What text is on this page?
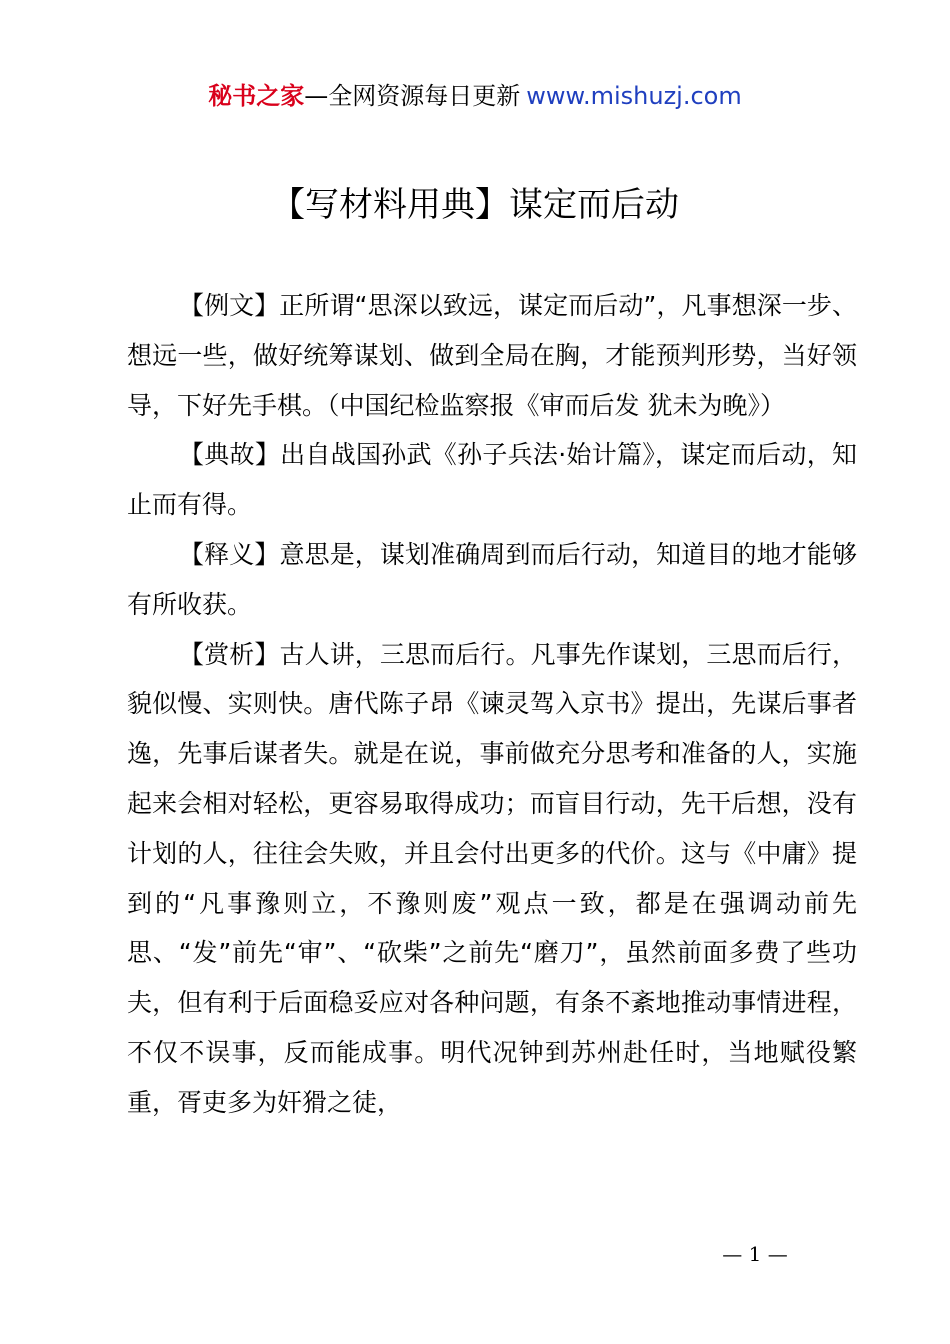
秘书之家—全网资源每日更新 www.mishuzj.com
【写材料用典】谋定而后动

【例文】正所谓“思深以致远，谋定而后动”，凡事想深一步、想远一些，做好统筹谋划、做到全局在胸，才能预判形势，当好领导，下好先手棋。（中国纪检监察报《审而后发 犹未为晚》）

【典故】出自战国孙武《孙子兵法·始计篇》，谋定而后动，知止而有得。

【释义】意思是，谋划准确周到而后行动，知道目的地才能够有所收获。

【赏析】古人讲，三思而后行。凡事先作谋划，三思而后行，貌似慢、实则快。唐代陈子昂《谏灵驾入京书》提出，先谋后事者逸，先事后谋者失。就是在说，事前做充分思考和准备的人，实施起来会相对轻松，更容易取得成功；而盲目行动，先干后想，没有计划的人，往往会失败，并且会付出更多的代价。这与《中庸》提到的“凡事豫则立，不豫则废”观点一致，都是在强调动前先思、“发”前先“审”、“砍柴”之前先“磨刀”，虽然前面多费了些功夫，但有利于后面稳妥应对各种问题，有条不紊地推动事情进程，不仅不误事，反而能成事。明代况钟到苏州赴任时，当地赋役繁重，胥吏多为奸猾之徒，

— 1 —
